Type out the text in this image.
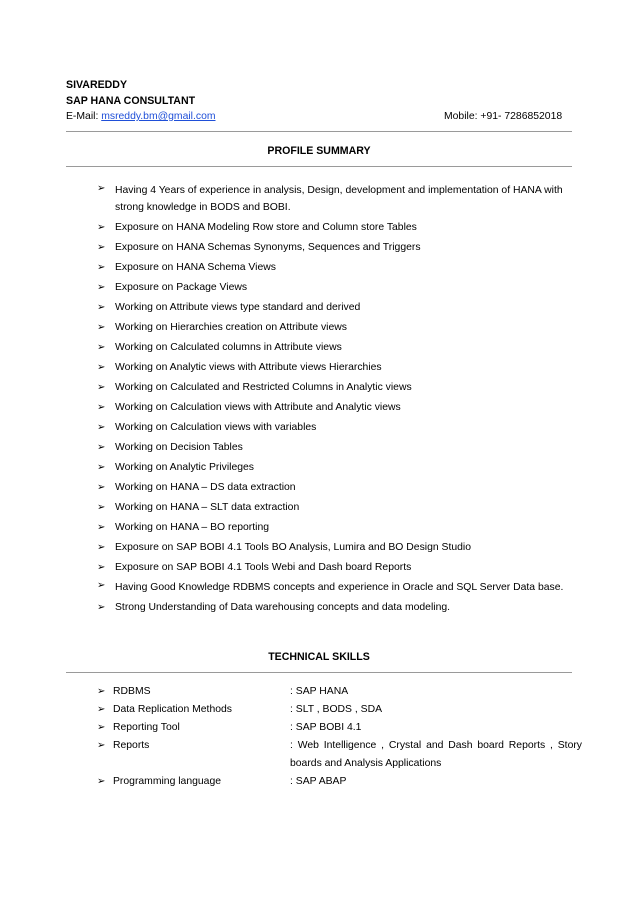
SIVAREDDY
SAP HANA CONSULTANT
E-Mail: msreddy.bm@gmail.com	Mobile: +91- 7286852018
PROFILE SUMMARY
➢ Having 4 Years of experience in analysis, Design, development and implementation of HANA with strong knowledge in BODS and BOBI.
➢ Exposure on HANA Modeling Row store and Column store Tables
➢ Exposure on HANA Schemas Synonyms, Sequences and Triggers
➢ Exposure on HANA Schema Views
➢ Exposure on Package Views
➢ Working on Attribute views type standard and derived
➢ Working on Hierarchies creation on Attribute views
➢ Working on Calculated columns in Attribute views
➢ Working on Analytic views with Attribute views Hierarchies
➢ Working on Calculated and Restricted Columns in Analytic views
➢ Working on Calculation views with Attribute and Analytic views
➢ Working on Calculation views with variables
➢ Working on Decision Tables
➢ Working on Analytic Privileges
➢ Working on HANA – DS data extraction
➢ Working on HANA – SLT data extraction
➢ Working on HANA – BO reporting
➢ Exposure on SAP BOBI 4.1 Tools BO Analysis, Lumira and BO Design Studio
➢ Exposure on SAP BOBI 4.1 Tools Webi and Dash board Reports
➢ Having Good Knowledge RDBMS concepts and experience in Oracle and SQL Server Data base.
➢ Strong Understanding of Data warehousing concepts and data modeling.
TECHNICAL SKILLS
➢ RDBMS	: SAP HANA
➢ Data Replication Methods	: SLT , BODS , SDA
➢ Reporting Tool	: SAP BOBI 4.1
➢ Reports	: Web Intelligence , Crystal and Dash board Reports , Story boards and Analysis Applications
➢ Programming language	: SAP ABAP
